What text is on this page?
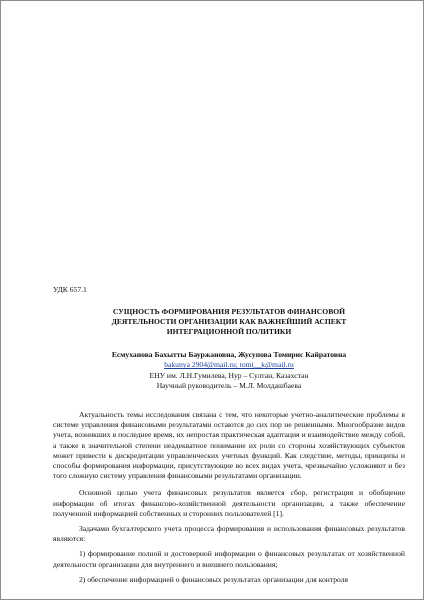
УДК 657.1
СУЩНОСТЬ ФОРМИРОВАНИЯ РЕЗУЛЬТАТОВ ФИНАНСОВОЙ
ДЕЯТЕЛЬНОСТИ ОРГАНИЗАЦИИ КАК ВАЖНЕЙШИЙ АСПЕКТ
ИНТЕГРАЦИОННОЙ ПОЛИТИКИ
Есмуханова Бахытты Бауржановна, Жусупова Томирис Кайратовна
bakunya 2904@mail.ru; tomi__k@mail.ru
ЕНУ им. Л.Н.Гумилева, Нур – Султан, Казахстан
Научный руководитель – М.Л. Молдашбаева

Актуальность темы исследования связана с тем, что некоторые учетно-аналитические проблемы в системе управления финансовыми результатами остаются до сих пор не решенными. Многообразие видов учета, возникших в последнее время, их непростая практическая адаптация и взаимодействие между собой, а также в значительной степени неадекватное понимание их роли со стороны хозяйствующих субъектов может привести к дискредитации управленческих учетных функций. Как следствие, методы, принципы и способы формирования информации, присутствующие во всех видах учета, чрезвычайно усложняют и без того сложную систему управления финансовыми результатами организации.

Основной целью учета финансовых результатов является сбор, регистрация и обобщение информации об итогах финансово-хозяйственной деятельности организации, а также обеспечение полученной информацией собственных и сторонних пользователей [1].

Задачами бухгалтерского учета процесса формирования и использования финансовых результатов являются:

1) формирование полной и достоверной информации о финансовых результатах от хозяйственной деятельности организации для внутреннего и внешнего пользования;

2) обеспечение информацией о финансовых результатах организации для контроля
